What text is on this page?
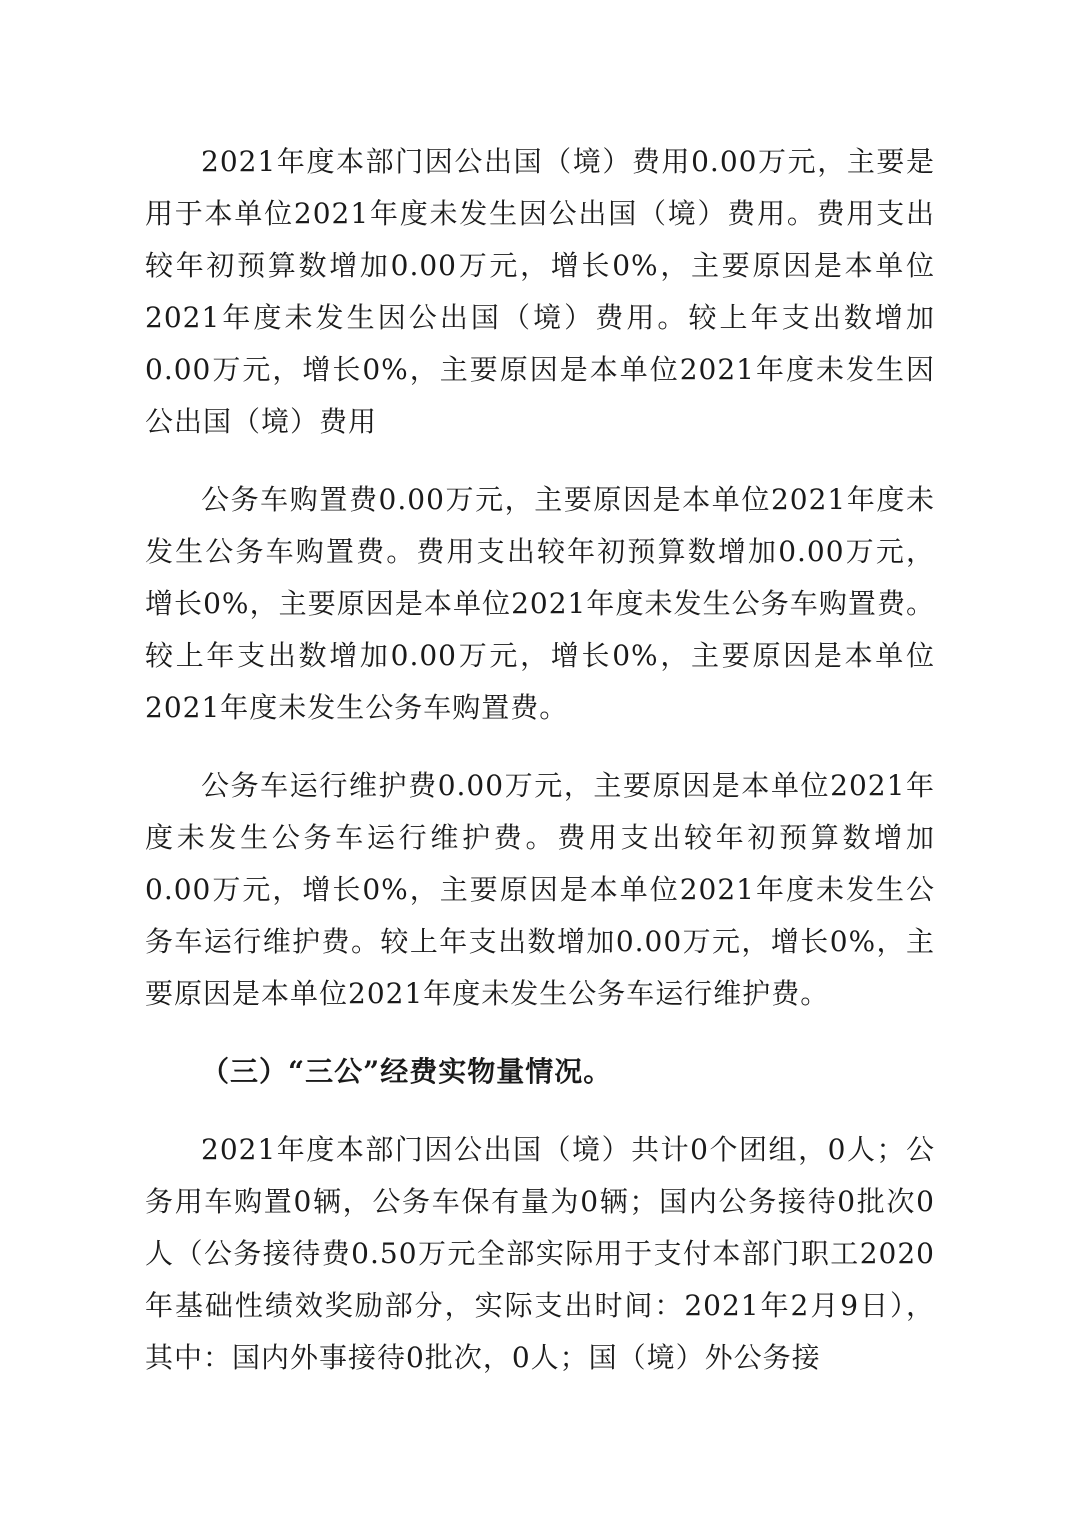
2021年度本部门因公出国（境）费用0.00万元，主要是用于本单位2021年度未发生因公出国（境）费用。费用支出较年初预算数增加0.00万元，增长0%，主要原因是本单位2021年度未发生因公出国（境）费用。较上年支出数增加0.00万元，增长0%，主要原因是本单位2021年度未发生因公出国（境）费用

公务车购置费0.00万元，主要原因是本单位2021年度未发生公务车购置费。费用支出较年初预算数增加0.00万元，增长0%，主要原因是本单位2021年度未发生公务车购置费。较上年支出数增加0.00万元，增长0%，主要原因是本单位2021年度未发生公务车购置费。

公务车运行维护费0.00万元，主要原因是本单位2021年度未发生公务车运行维护费。费用支出较年初预算数增加0.00万元，增长0%，主要原因是本单位2021年度未发生公务车运行维护费。较上年支出数增加0.00万元，增长0%，主要原因是本单位2021年度未发生公务车运行维护费。

（三）“三公”经费实物量情况。

2021年度本部门因公出国（境）共计0个团组，0人；公务用车购置0辆，公务车保有量为0辆；国内公务接待0批次0人（公务接待费0.50万元全部实际用于支付本部门职工2020年基础性绩效奖励部分，实际支出时间：2021年2月9日），其中：国内外事接待0批次，0人；国（境）外公务接
